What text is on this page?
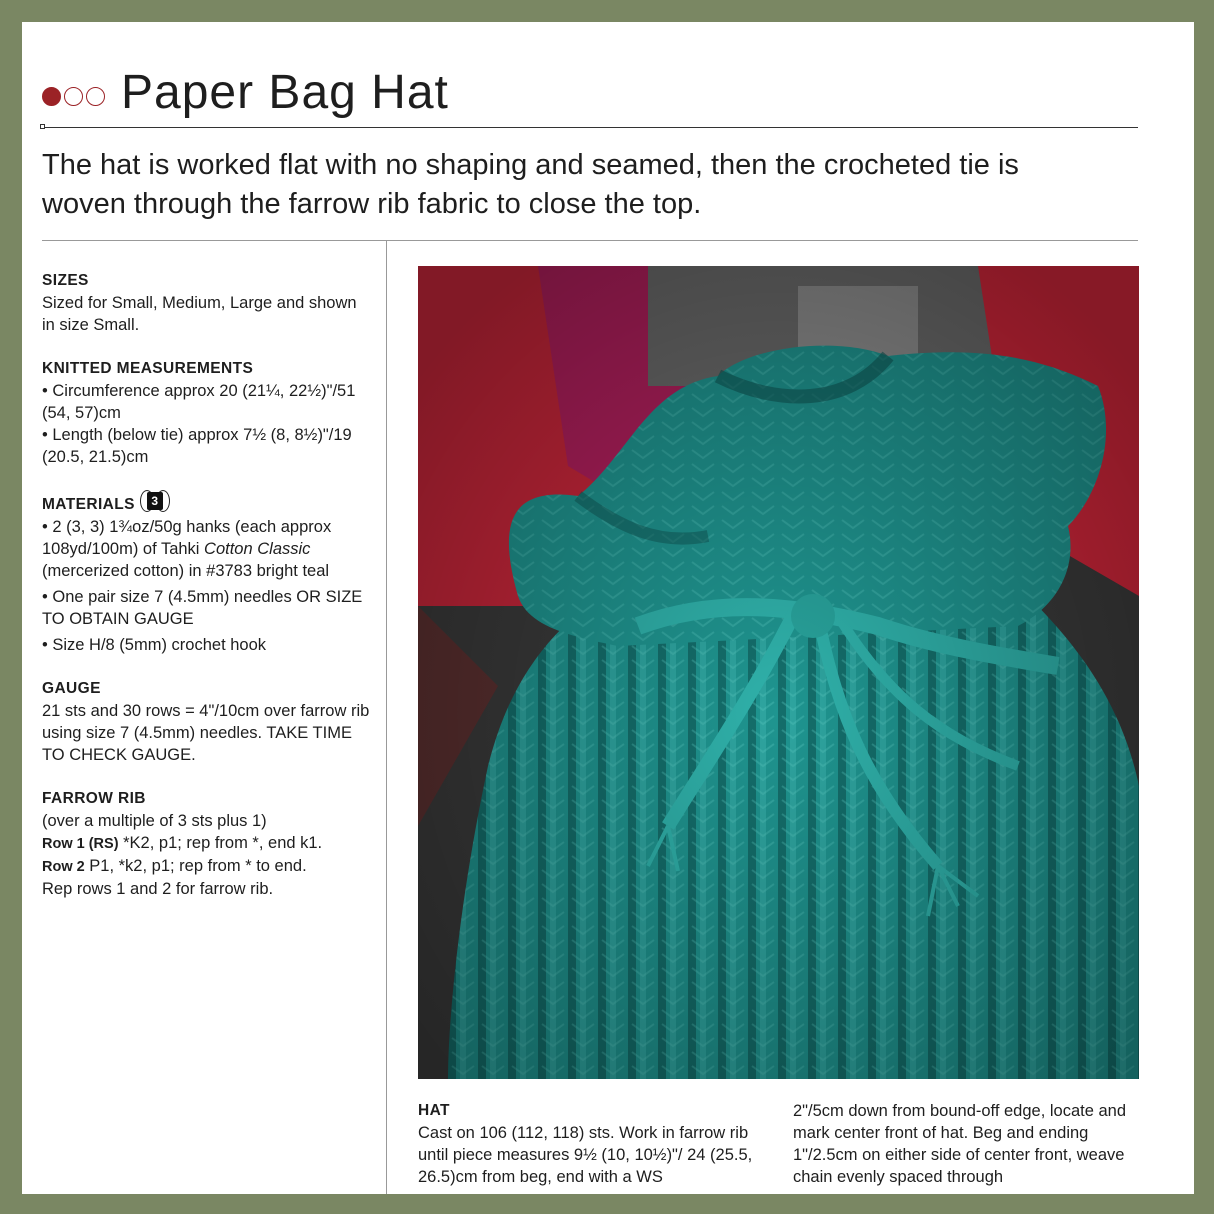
Paper Bag Hat
The hat is worked flat with no shaping and seamed, then the crocheted tie is woven through the farrow rib fabric to close the top.
SIZES

Sized for Small, Medium, Large and shown in size Small.

KNITTED MEASUREMENTS

• Circumference approx 20 (21¼, 22½)"/51 (54, 57)cm

• Length (below tie) approx 7½ (8, 8½)"/19 (20.5, 21.5)cm

MATERIALS	3

• 2 (3, 3) 1¾oz/50g hanks (each approx 108yd/100m) of Tahki Cotton Classic (mercerized cotton) in #3783 bright teal

• One pair size 7 (4.5mm) needles OR SIZE TO OBTAIN GAUGE

• Size H/8 (5mm) crochet hook

GAUGE

21 sts and 30 rows = 4"/10cm over farrow rib using size 7 (4.5mm) needles. TAKE TIME TO CHECK GAUGE.

FARROW RIB

(over a multiple of 3 sts plus 1)

Row 1 (RS) *K2, p1; rep from *, end k1.

Row 2 P1, *k2, p1; rep from * to end.

Rep rows 1 and 2 for farrow rib.

HAT

Cast on 106 (112, 118) sts. Work in farrow rib until piece measures 9½ (10, 10½)"/ 24 (25.5, 26.5)cm from beg, end with a WS

2"/5cm down from bound-off edge, locate and mark center front of hat. Beg and ending 1"/2.5cm on either side of center front, weave chain evenly spaced through
